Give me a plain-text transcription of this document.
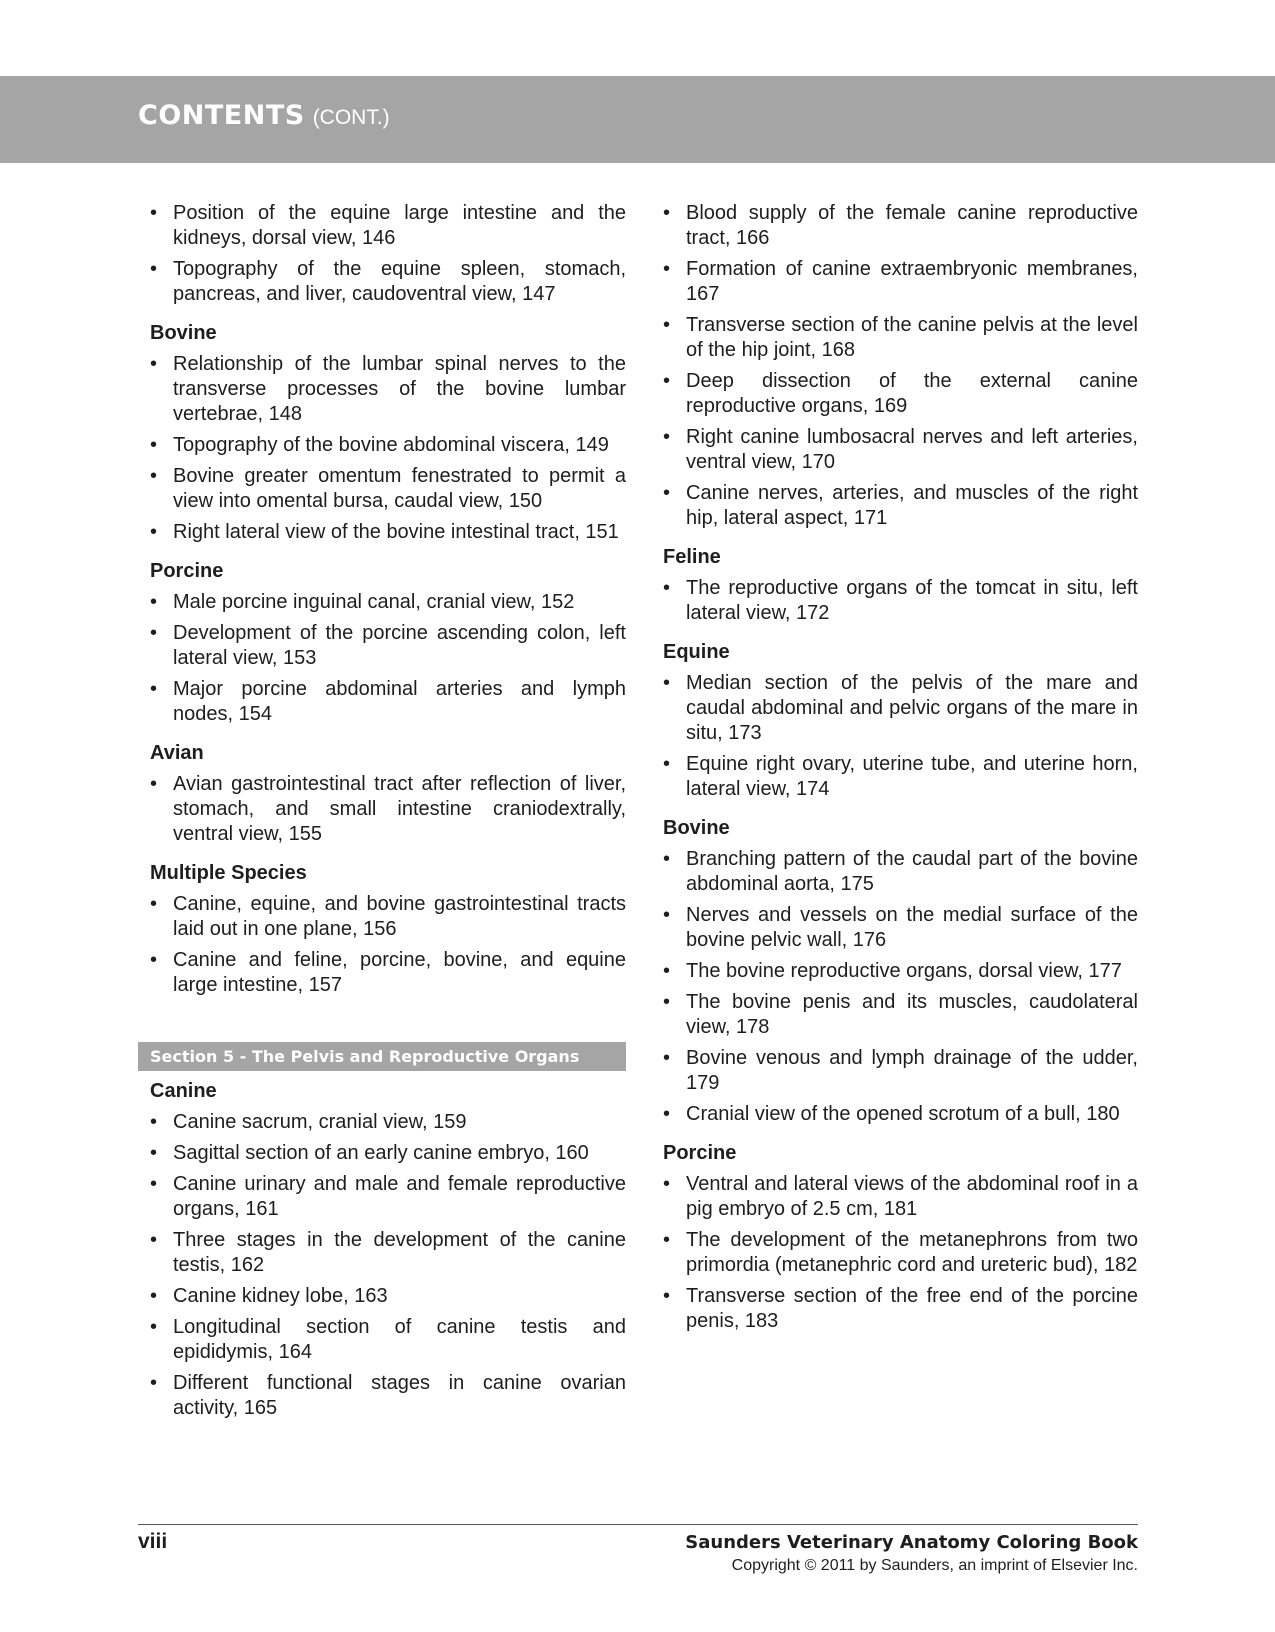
CONTENTS (CONT.)
• Position of the equine large intestine and the kidneys, dorsal view, 146
• Topography of the equine spleen, stomach, pancreas, and liver, caudoventral view, 147
Bovine
• Relationship of the lumbar spinal nerves to the transverse processes of the bovine lumbar vertebrae, 148
• Topography of the bovine abdominal viscera, 149
• Bovine greater omentum fenestrated to permit a view into omental bursa, caudal view, 150
• Right lateral view of the bovine intestinal tract, 151
Porcine
• Male porcine inguinal canal, cranial view, 152
• Development of the porcine ascending colon, left lateral view, 153
• Major porcine abdominal arteries and lymph nodes, 154
Avian
• Avian gastrointestinal tract after reflection of liver, stomach, and small intestine craniodextrally, ventral view, 155
Multiple Species
• Canine, equine, and bovine gastrointestinal tracts laid out in one plane, 156
• Canine and feline, porcine, bovine, and equine large intestine, 157
Section 5 - The Pelvis and Reproductive Organs
Canine
• Canine sacrum, cranial view, 159
• Sagittal section of an early canine embryo, 160
• Canine urinary and male and female reproductive organs, 161
• Three stages in the development of the canine testis, 162
• Canine kidney lobe, 163
• Longitudinal section of canine testis and epididymis, 164
• Different functional stages in canine ovarian activity, 165
• Blood supply of the female canine reproductive tract, 166
• Formation of canine extraembryonic membranes, 167
• Transverse section of the canine pelvis at the level of the hip joint, 168
• Deep dissection of the external canine reproductive organs, 169
• Right canine lumbosacral nerves and left arteries, ventral view, 170
• Canine nerves, arteries, and muscles of the right hip, lateral aspect, 171
Feline
• The reproductive organs of the tomcat in situ, left lateral view, 172
Equine
• Median section of the pelvis of the mare and caudal abdominal and pelvic organs of the mare in situ, 173
• Equine right ovary, uterine tube, and uterine horn, lateral view, 174
Bovine
• Branching pattern of the caudal part of the bovine abdominal aorta, 175
• Nerves and vessels on the medial surface of the bovine pelvic wall, 176
• The bovine reproductive organs, dorsal view, 177
• The bovine penis and its muscles, caudolateral view, 178
• Bovine venous and lymph drainage of the udder, 179
• Cranial view of the opened scrotum of a bull, 180
Porcine
• Ventral and lateral views of the abdominal roof in a pig embryo of 2.5 cm, 181
• The development of the metanephrons from two primordia (metanephric cord and ureteric bud), 182
• Transverse section of the free end of the porcine penis, 183
viii	Saunders Veterinary Anatomy Coloring Book
Copyright © 2011 by Saunders, an imprint of Elsevier Inc.
